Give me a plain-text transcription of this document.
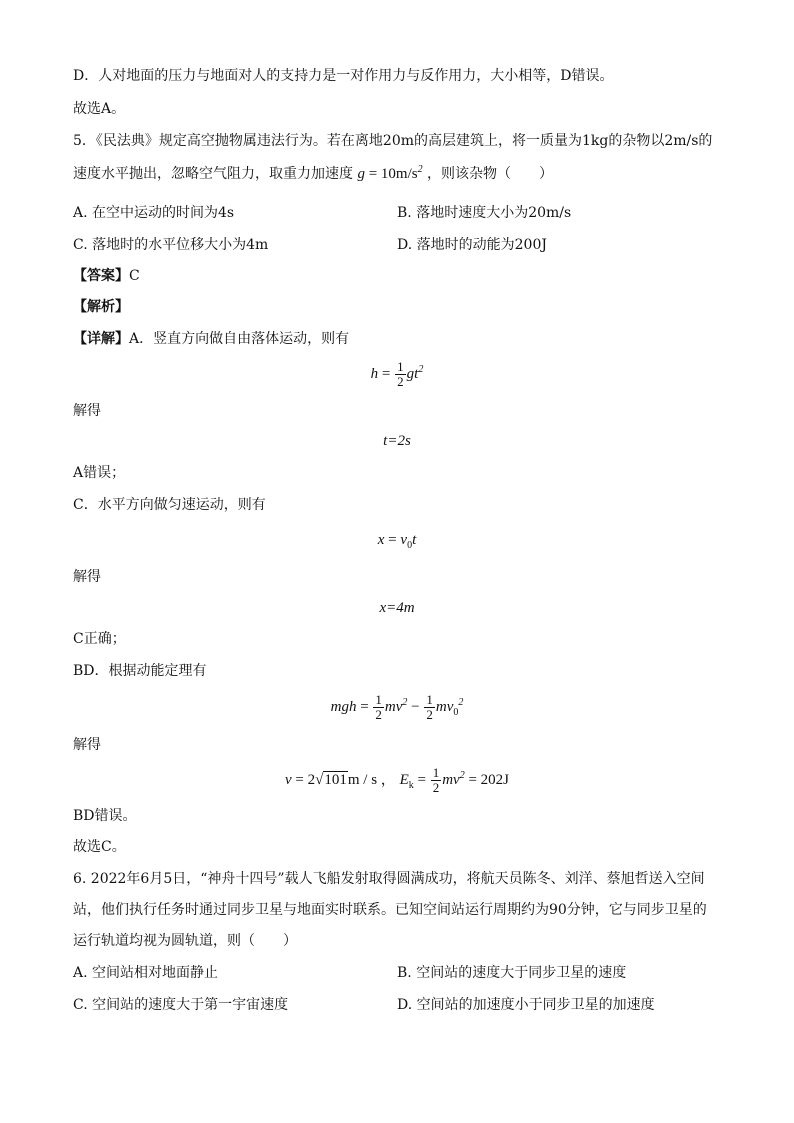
D．人对地面的压力与地面对人的支持力是一对作用力与反作用力，大小相等，D错误。
故选A。
5．《民法典》规定高空抛物属违法行为。若在离地20m的高层建筑上，将一质量为1kg的杂物以2m/s的
速度水平抛出，忽略空气阻力，取重力加速度 $g = 10m/s^2$ ，则该杂物（　　）
A. 在空中运动的时间为4s	B. 落地时速度大小为20m/s
C. 落地时的水平位移大小为4m	D. 落地时的动能为200J
【答案】C
【解析】
【详解】A．竖直方向做自由落体运动，则有
$h = \frac{1}{2} gt^2$
解得
t=2s
A错误；
C．水平方向做匀速运动，则有
$x = v_0t$
解得
x=4m
C正确；
BD．根据动能定理有
mgh = $\frac{1}{2} mv^2 - \frac{1}{2} mv_0^2$
解得
v = 2√101m / s ， $E_k = \frac{1}{2} mv^2 = 202J$
BD错误。
故选C。
6. 2022年6月5日，“神舟十四号”载人飞船发射取得圆满成功，将航天员陈冬、刘洋、蔡旭哲送入空间
站，他们执行任务时通过同步卫星与地面实时联系。已知空间站运行周期约为90分钟，它与同步卫星的
运行轨道均视为圆轨道，则（　　）
A. 空间站相对地面静止	B. 空间站的速度大于同步卫星的速度
C. 空间站的速度大于第一宇宙速度	D. 空间站的加速度小于同步卫星的加速度
